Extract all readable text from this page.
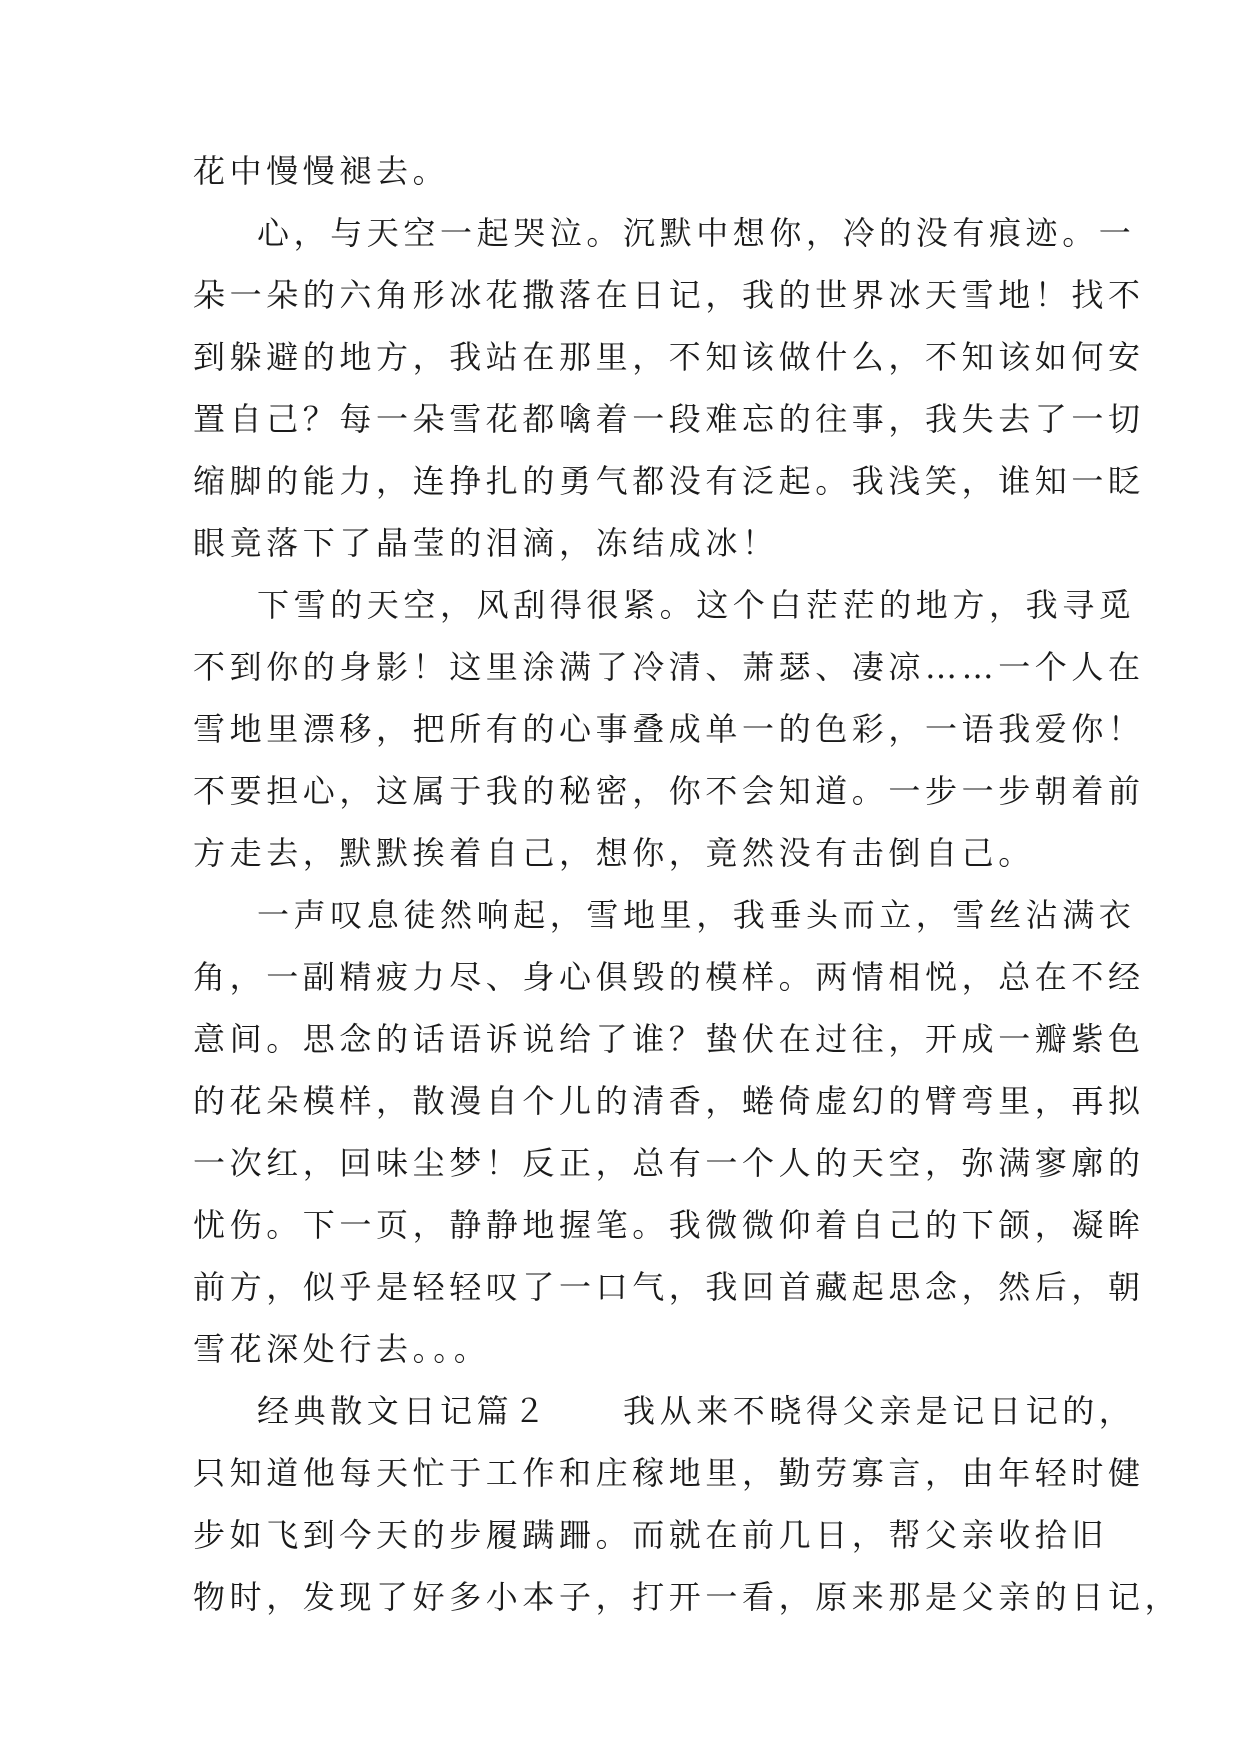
花中慢慢褪去。
心，与天空一起哭泣。沉默中想你，冷的没有痕迹。一
朵一朵的六角形冰花撒落在日记，我的世界冰天雪地！找不
到躲避的地方，我站在那里，不知该做什么，不知该如何安
置自己？每一朵雪花都噙着一段难忘的往事，我失去了一切
缩脚的能力，连挣扎的勇气都没有泛起。我浅笑，谁知一眨
眼竟落下了晶莹的泪滴，冻结成冰！
下雪的天空，风刮得很紧。这个白茫茫的地方，我寻觅
不到你的身影！这里涂满了冷清、萧瑟、凄凉……一个人在
雪地里漂移，把所有的心事叠成单一的色彩，一语我爱你！
不要担心，这属于我的秘密，你不会知道。一步一步朝着前
方走去，默默挨着自己，想你，竟然没有击倒自己。
一声叹息徒然响起，雪地里，我垂头而立，雪丝沾满衣
角，一副精疲力尽、身心俱毁的模样。两情相悦，总在不经
意间。思念的话语诉说给了谁？蛰伏在过往，开成一瓣紫色
的花朵模样，散漫自个儿的清香，蜷倚虚幻的臂弯里，再拟
一次红，回味尘梦！反正，总有一个人的天空，弥满寥廓的
忧伤。下一页，静静地握笔。我微微仰着自己的下颌，凝眸
前方，似乎是轻轻叹了一口气，我回首藏起思念，然后，朝
雪花深处行去。。。
经典散文日记篇２　　我从来不晓得父亲是记日记的，
只知道他每天忙于工作和庄稼地里，勤劳寡言，由年轻时健
步如飞到今天的步履蹒跚。而就在前几日，帮父亲收拾旧
物时，发现了好多小本子，打开一看，原来那是父亲的日记，
